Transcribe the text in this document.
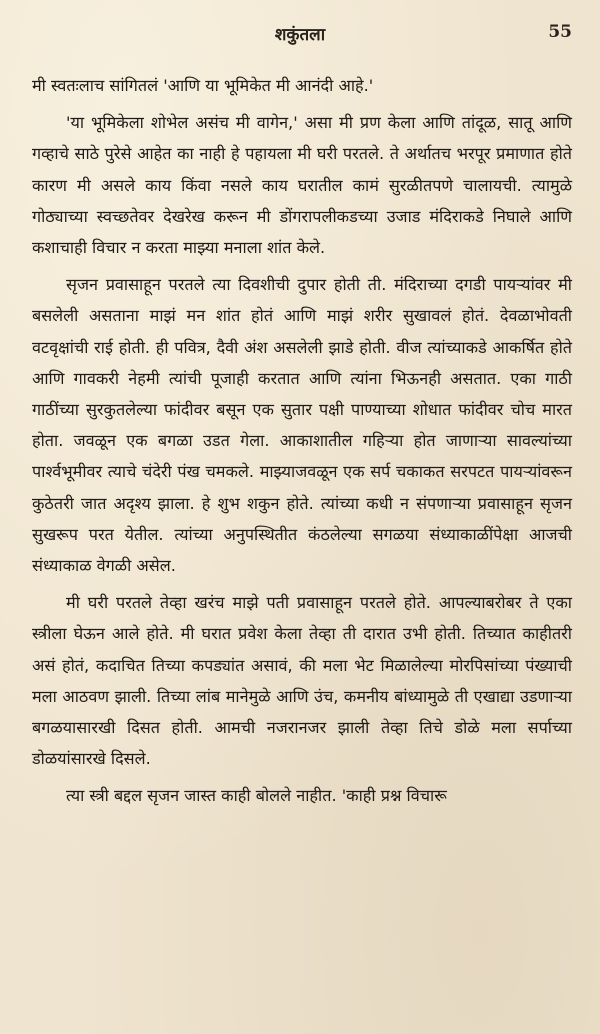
शकुंतला	55

मी स्वतःलाच सांगितलं 'आणि या भूमिकेत मी आनंदी आहे.'

'या भूमिकेला शोभेल असंच मी वागेन,' असा मी प्रण केला आणि तांदूळ, सातू आणि गव्हाचे साठे पुरेसे आहेत का नाही हे पहायला मी घरी परतले. ते अर्थातच भरपूर प्रमाणात होते कारण मी असले काय किंवा नसले काय घरातील कामं सुरळीतपणे चालायची. त्यामुळे गोठ्याच्या स्वच्छतेवर देखरेख करून मी डोंगरापलीकडच्या उजाड मंदिराकडे निघाले आणि कशाचाही विचार न करता माझ्या मनाला शांत केले.

सृजन प्रवासाहून परतले त्या दिवशीची दुपार होती ती. मंदिराच्या दगडी पायऱ्यांवर मी बसलेली असताना माझं मन शांत होतं आणि माझं शरीर सुखावलं होतं. देवळाभोवती वटवृक्षांची राई होती. ही पवित्र, दैवी अंश असलेली झाडे होती. वीज त्यांच्याकडे आकर्षित होते आणि गावकरी नेहमी त्यांची पूजाही करतात आणि त्यांना भिऊनही असतात. एका गाठी गाठींच्या सुरकुतलेल्या फांदीवर बसून एक सुतार पक्षी पाण्याच्या शोधात फांदीवर चोच मारत होता. जवळून एक बगळा उडत गेला. आकाशातील गहिऱ्या होत जाणाऱ्या सावल्यांच्या पार्श्वभूमीवर त्याचे चंदेरी पंख चमकले. माझ्याजवळून एक सर्प चकाकत सरपटत पायऱ्यांवरून कुठेतरी जात अदृश्य झाला. हे शुभ शकुन होते. त्यांच्या कधी न संपणाऱ्या प्रवासाहून सृजन सुखरूप परत येतील. त्यांच्या अनुपस्थितीत कंठलेल्या सगळया संध्याकाळींपेक्षा आजची संध्याकाळ वेगळी असेल.

मी घरी परतले तेव्हा खरंच माझे पती प्रवासाहून परतले होते. आपल्याबरोबर ते एका स्त्रीला घेऊन आले होते. मी घरात प्रवेश केला तेव्हा ती दारात उभी होती. तिच्यात काहीतरी असं होतं, कदाचित तिच्या कपड्यांत असावं, की मला भेट मिळालेल्या मोरपिसांच्या पंख्याची मला आठवण झाली. तिच्या लांब मानेमुळे आणि उंच, कमनीय बांध्यामुळे ती एखाद्या उडणाऱ्या बगळयासारखी दिसत होती. आमची नजरानजर झाली तेव्हा तिचे डोळे मला सर्पाच्या डोळयांसारखे दिसले.

त्या स्त्री बद्दल सृजन जास्त काही बोलले नाहीत. 'काही प्रश्न विचारू
